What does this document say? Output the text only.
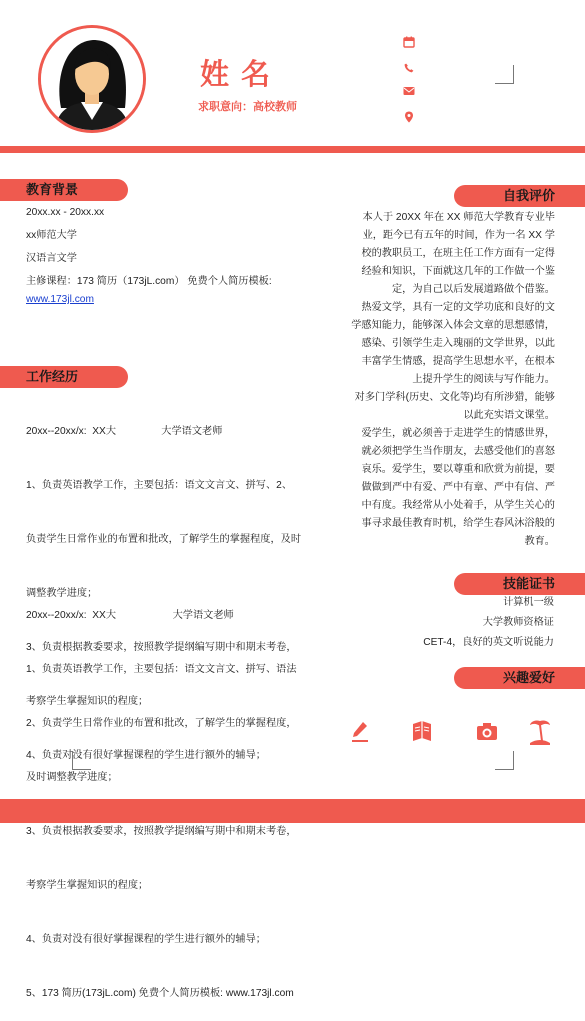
姓名
求职意向：高校教师
教育背景

20xx.xx - 20xx.xx

xx师范大学

汉语言文学

主修课程：173 简历（173jL.com） 免费个人简历模板:

www.173jl.com

工作经历

20xx--20xx/x:  XX大                大学语文老师

1、负责英语教学工作，主要包括：语文文言文、拼写、2、

负责学生日常作业的布置和批改，了解学生的掌握程度，及时

调整教学进度；

3、负责根据教委要求，按照教学提纲编写期中和期末考卷，

考察学生掌握知识的程度；

4、负责对没有很好掌握课程的学生进行额外的辅导；

20xx--20xx/x:  XX大                    大学语文老师

1、负责英语教学工作，主要包括：语文文言文、拼写、语法

2、负责学生日常作业的布置和批改，了解学生的掌握程度，

及时调整教学进度；

3、负责根据教委要求，按照教学提纲编写期中和期末考卷，

考察学生掌握知识的程度；

4、负责对没有很好掌握课程的学生进行额外的辅导；

5、173 简历(173jL.com) 免费个人简历模板: www.173jl.com

自我评价

本人于 20XX 年在 XX 师范大学教育专业毕

业，距今已有五年的时间，作为一名 XX 学

校的教职员工，在班主任工作方面有一定得

经验和知识，下面就这几年的工作做一个鉴

定，为自己以后发展道路做个借鉴。

热爱文学，具有一定的文学功底和良好的文

学感知能力，能够深入体会文章的思想感情，

感染、引领学生走入瑰丽的文学世界，以此

丰富学生情感，提高学生思想水平，在根本

上提升学生的阅读与写作能力。

对多门学科(历史、文化等)均有所涉猎，能够

以此充实语文课堂。

爱学生，就必须善于走进学生的情感世界，

就必须把学生当作朋友，去感受他们的喜怒

哀乐。爱学生，要以尊重和欣赏为前提，要

做做到严中有爱、严中有章、严中有信、严

中有度。我经常从小处着手，从学生关心的

事寻求最佳教育时机，给学生春风沐浴般的

教育。

技能证书

计算机一级

大学教师资格证

CET-4，良好的英文听说能力

兴趣爱好
